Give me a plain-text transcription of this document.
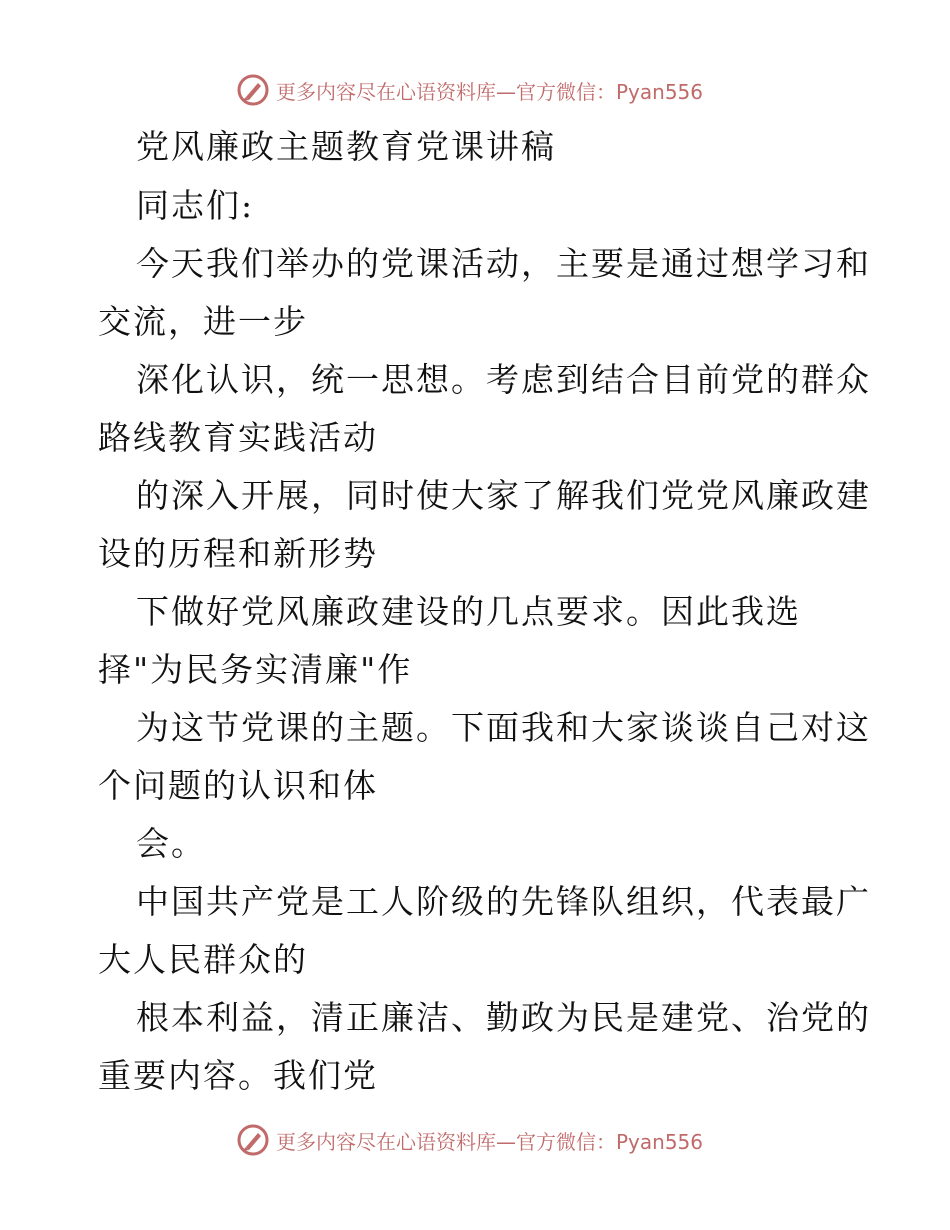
更多内容尽在心语资料库—官方微信：Pyan556
党风廉政主题教育党课讲稿
同志们:
今天我们举办的党课活动，主要是通过想学习和
交流，进一步
深化认识，统一思想。考虑到结合目前党的群众
路线教育实践活动
的深入开展，同时使大家了解我们党党风廉政建
设的历程和新形势
下做好党风廉政建设的几点要求。因此我选
择"为民务实清廉"作
为这节党课的主题。下面我和大家谈谈自己对这
个问题的认识和体
会。
中国共产党是工人阶级的先锋队组织，代表最广
大人民群众的
根本利益，清正廉洁、勤政为民是建党、治党的
重要内容。我们党
更多内容尽在心语资料库—官方微信：Pyan556
